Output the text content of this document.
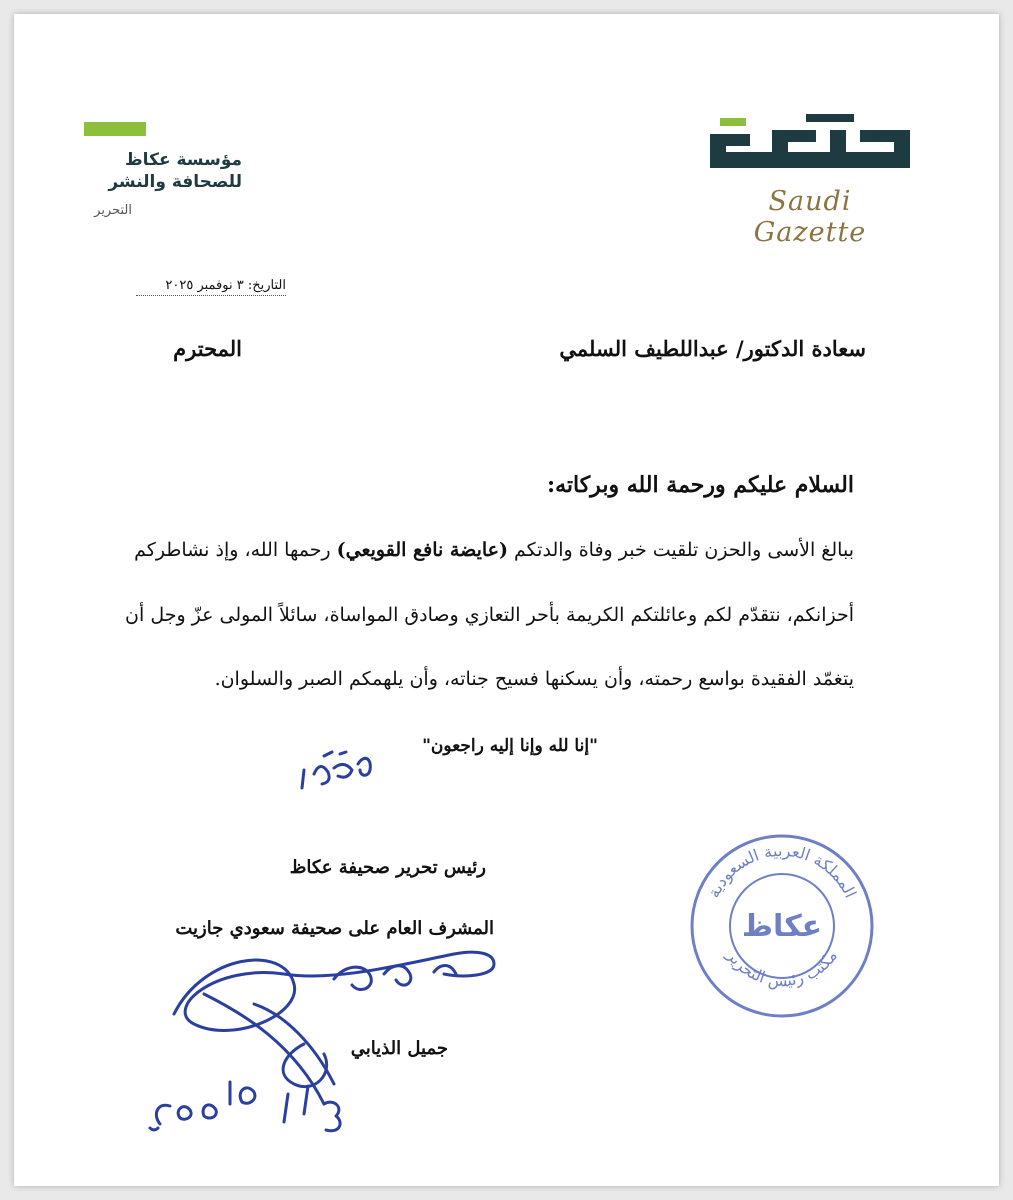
مؤسسة عكاظ
للصحافة والنشر
التحرير	Saudi Gazette
التاريخ: ٣ نوفمبر ٢٠٢٥
سعادة الدكتور/ عبداللطيف السلمي
المحترم
السلام عليكم ورحمة الله وبركاته:
ببالغ الأسى والحزن تلقيت خبر وفاة والدتكم (عايضة نافع القويعي) رحمها الله، وإذ نشاطركم
أحزانكم، نتقدّم لكم وعائلتكم الكريمة بأحر التعازي وصادق المواساة، سائلاً المولى عزّ وجل أن
يتغمّد الفقيدة بواسع رحمته، وأن يسكنها فسيح جناته، وأن يلهمكم الصبر والسلوان.
"إنا لله وإنا إليه راجعون"
رئيس تحرير صحيفة عكاظ
المشرف العام على صحيفة سعودي جازيت
جميل الذيابي
المملكة العربية السعودية
مكتب رئيس التحرير
عكاظ
